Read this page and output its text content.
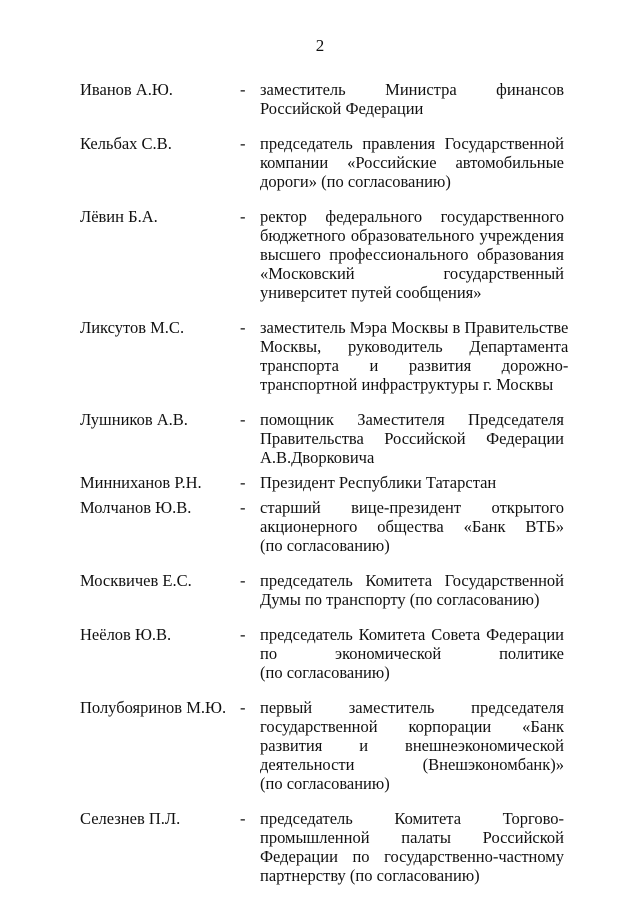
2
Иванов А.Ю.	- заместитель Министра финансов
Российской Федерации
Кельбах С.В.	- председатель правления Государственной
компании «Российские автомобильные
дороги» (по согласованию)
Лёвин Б.А.	- ректор федерального государственного
бюджетного образовательного учреждения
высшего профессионального образования
«Московский государственный
университет путей сообщения»
Ликсутов М.С.	- заместитель Мэра Москвы в Правительстве
Москвы, руководитель Департамента
транспорта и развития дорожно-
транспортной инфраструктуры г. Москвы
Лушников А.В.	- помощник Заместителя Председателя
Правительства Российской Федерации
А.В.Дворковича
Минниханов Р.Н.	- Президент Республики Татарстан
Молчанов Ю.В.	- старший вице-президент открытого
акционерного общества «Банк ВТБ»
(по согласованию)
Москвичев Е.С.	- председатель Комитета Государственной
Думы по транспорту (по согласованию)
Неёлов Ю.В.	- председатель Комитета Совета Федерации
по экономической политике
(по согласованию)
Полубояринов М.Ю. - первый заместитель председателя
государственной корпорации «Банк
развития и внешнеэкономической
деятельности (Внешэкономбанк)»
(по согласованию)
Селезнев П.Л.	- председатель Комитета Торгово-
промышленной палаты Российской
Федерации по государственно-частному
партнерству (по согласованию)
